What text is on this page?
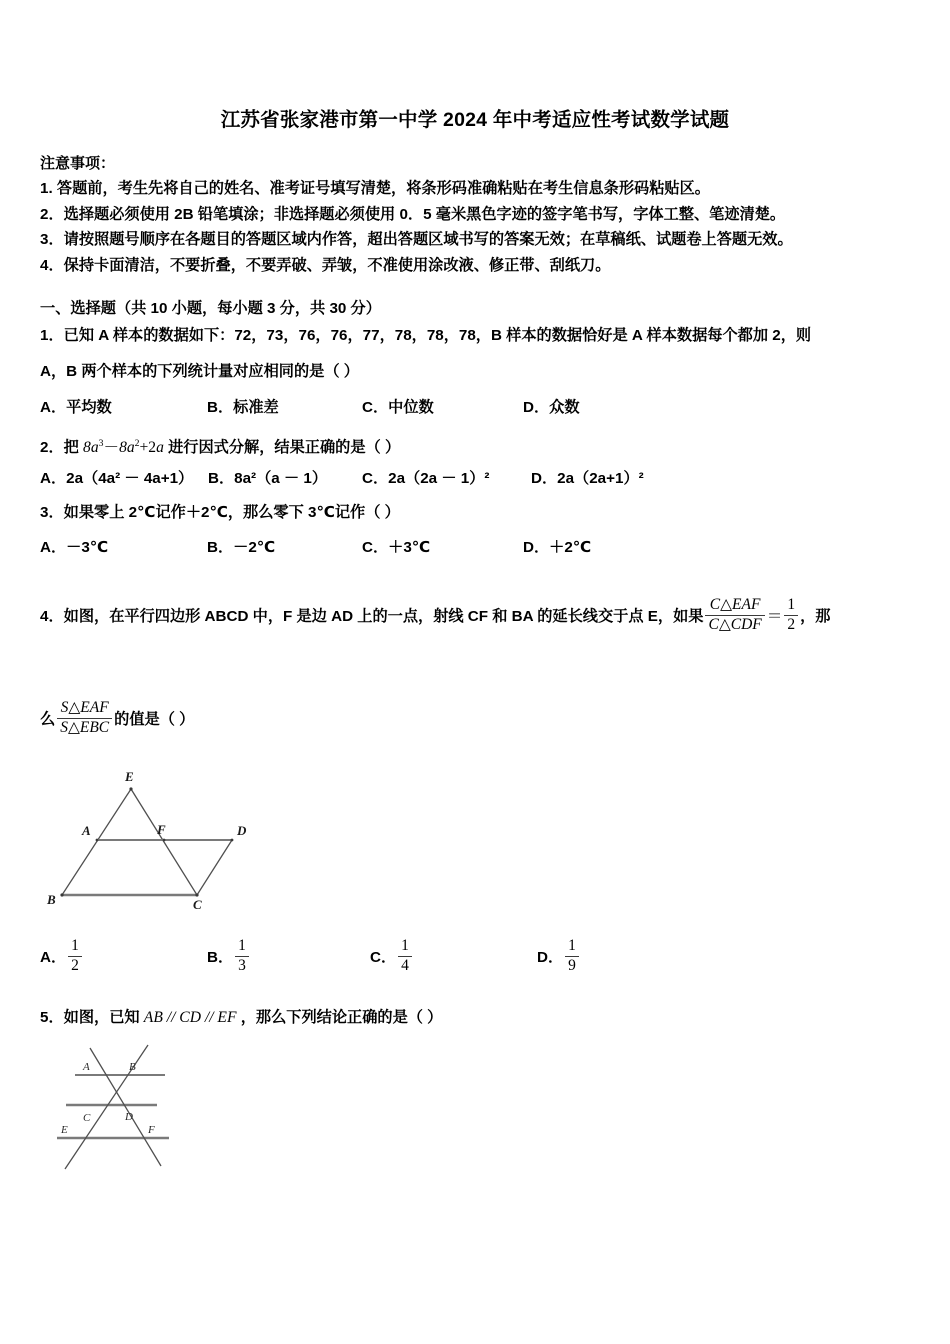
江苏省张家港市第一中学 2024 年中考适应性考试数学试题
注意事项：
1. 答题前，考生先将自己的姓名、准考证号填写清楚，将条形码准确粘贴在考生信息条形码粘贴区。
2．选择题必须使用 2B 铅笔填涂；非选择题必须使用 0．5 毫米黑色字迹的签字笔书写，字体工整、笔迹清楚。
3．请按照题号顺序在各题目的答题区域内作答，超出答题区域书写的答案无效；在草稿纸、试题卷上答题无效。
4．保持卡面清洁，不要折叠，不要弄破、弄皱，不准使用涂改液、修正带、刮纸刀。
一、选择题（共 10 小题，每小题 3 分，共 30 分）
1．已知 A 样本的数据如下：72，73，76，76，77，78，78，78，B 样本的数据恰好是 A 样本数据每个都加 2，则
A，B 两个样本的下列统计量对应相同的是（ ）
A．平均数	B．标准差	C．中位数	D．众数
2．把 $8a^3-8a^2+2a$ 进行因式分解，结果正确的是（ ）
A．2a（4a² － 4a+1） B．8a²（a － 1） C．2a（2a － 1）²	D．2a（2a+1）²
3．如果零上 2℃记作＋2℃，那么零下 3℃记作（ ）
A．－3℃	B．－2℃	C．＋3℃	D．＋2℃
4．如图，在平行四边形 ABCD 中，F 是边 AD 上的一点，射线 CF 和 BA 的延长线交于点 E，如果 $\frac{\text{C△EAF}}{\text{C△CDF}} = \frac{1}{2}$ ，那
么 $\frac{\text{S△EAF}}{\text{S△EBC}}$ 的值是（ ）
E
A	F	D
B	C
A． $\frac{1}{2}$	B． $\frac{1}{3}$	C． $\frac{1}{4}$	D． $\frac{1}{9}$
5．如图，已知 AB // CD // EF ，那么下列结论正确的是（ ）
A	B
C	D
E	F
